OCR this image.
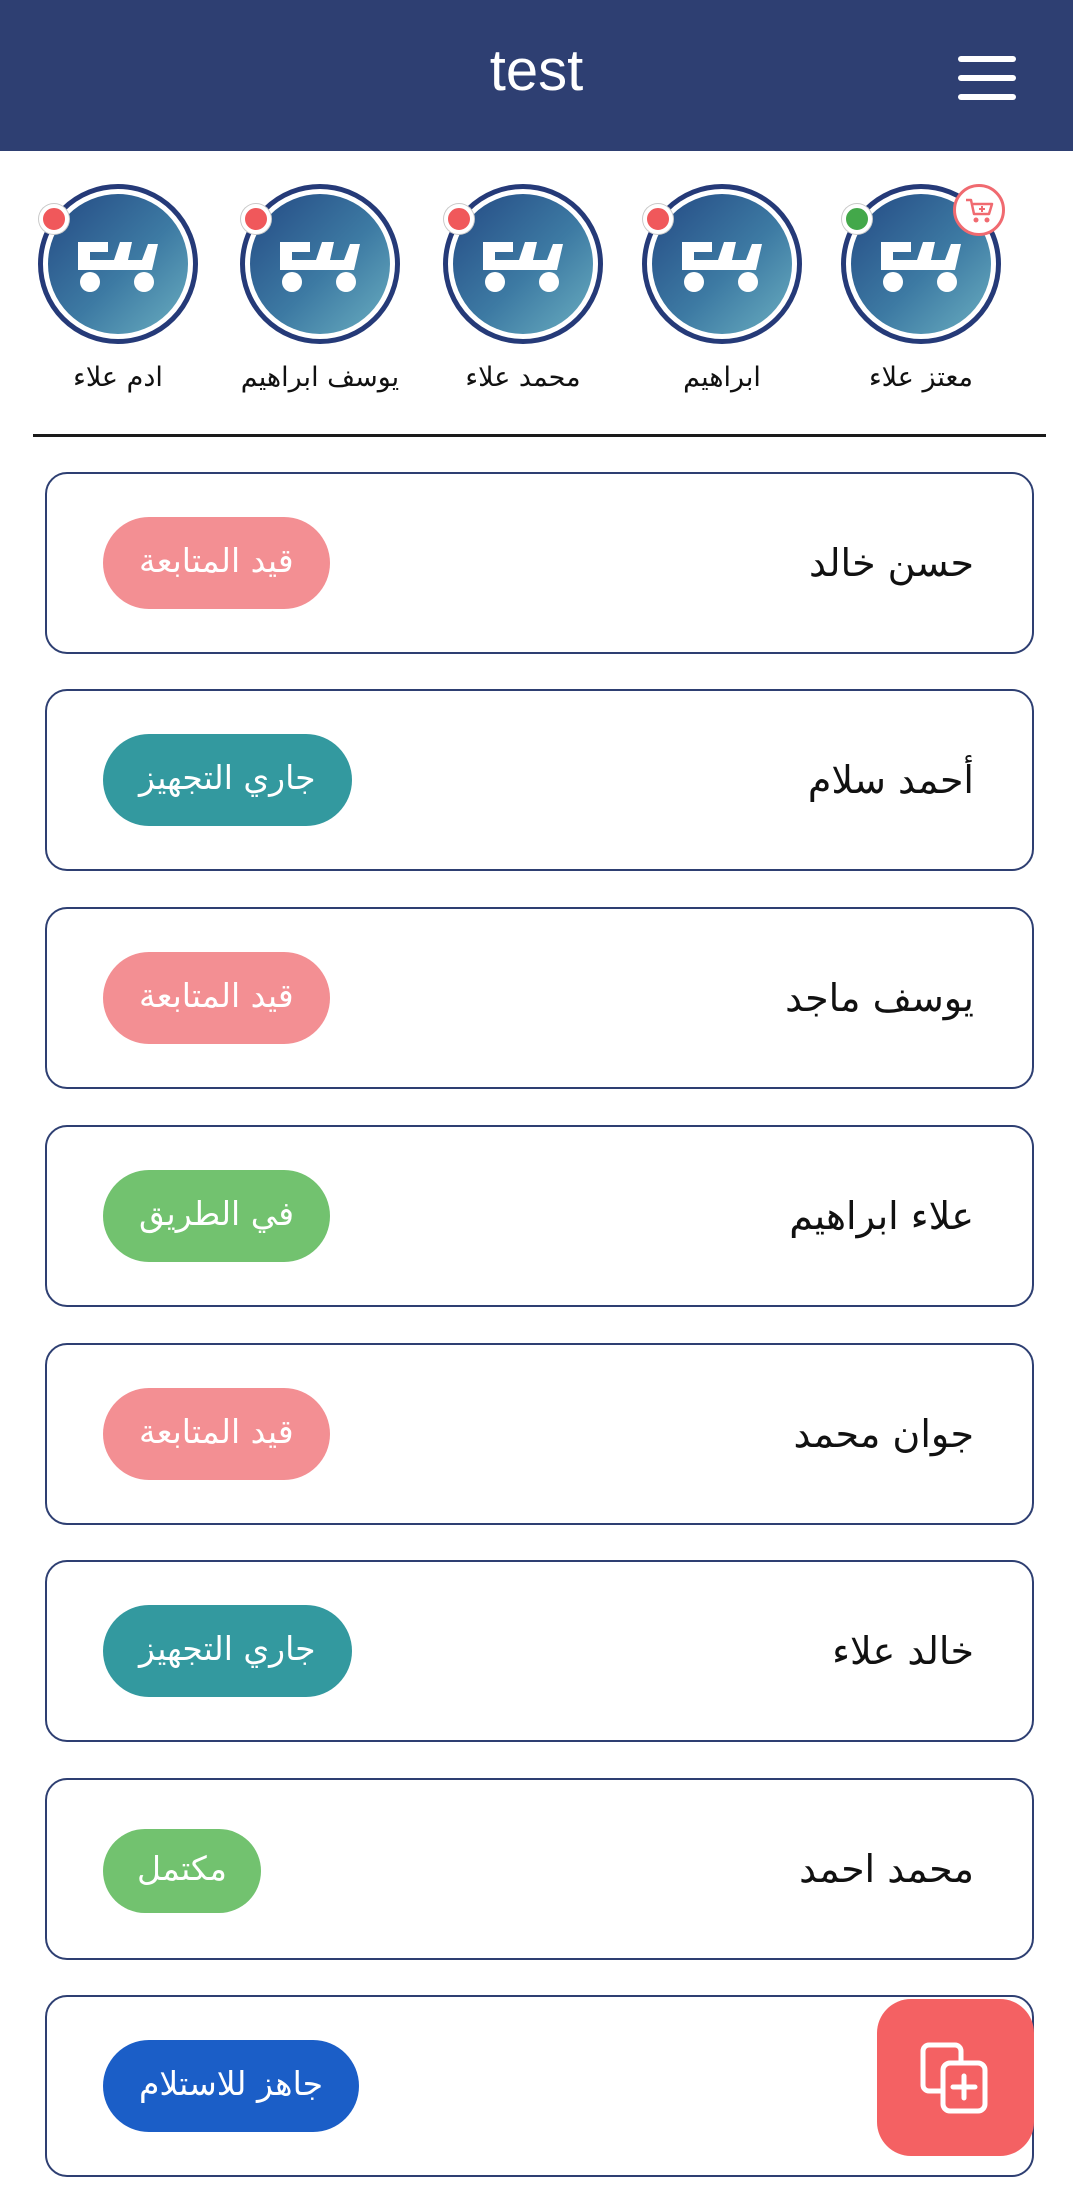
test
معتز علاء
ابراهيم
محمد علاء
يوسف ابراهيم
ادم علاء
حسن خالد
قيد المتابعة
أحمد سلام
جاري التجهيز
يوسف ماجد
قيد المتابعة
علاء ابراهيم
في الطريق
جوان محمد
قيد المتابعة
خالد علاء
جاري التجهيز
محمد احمد
مكتمل
جاهز للاستلام
